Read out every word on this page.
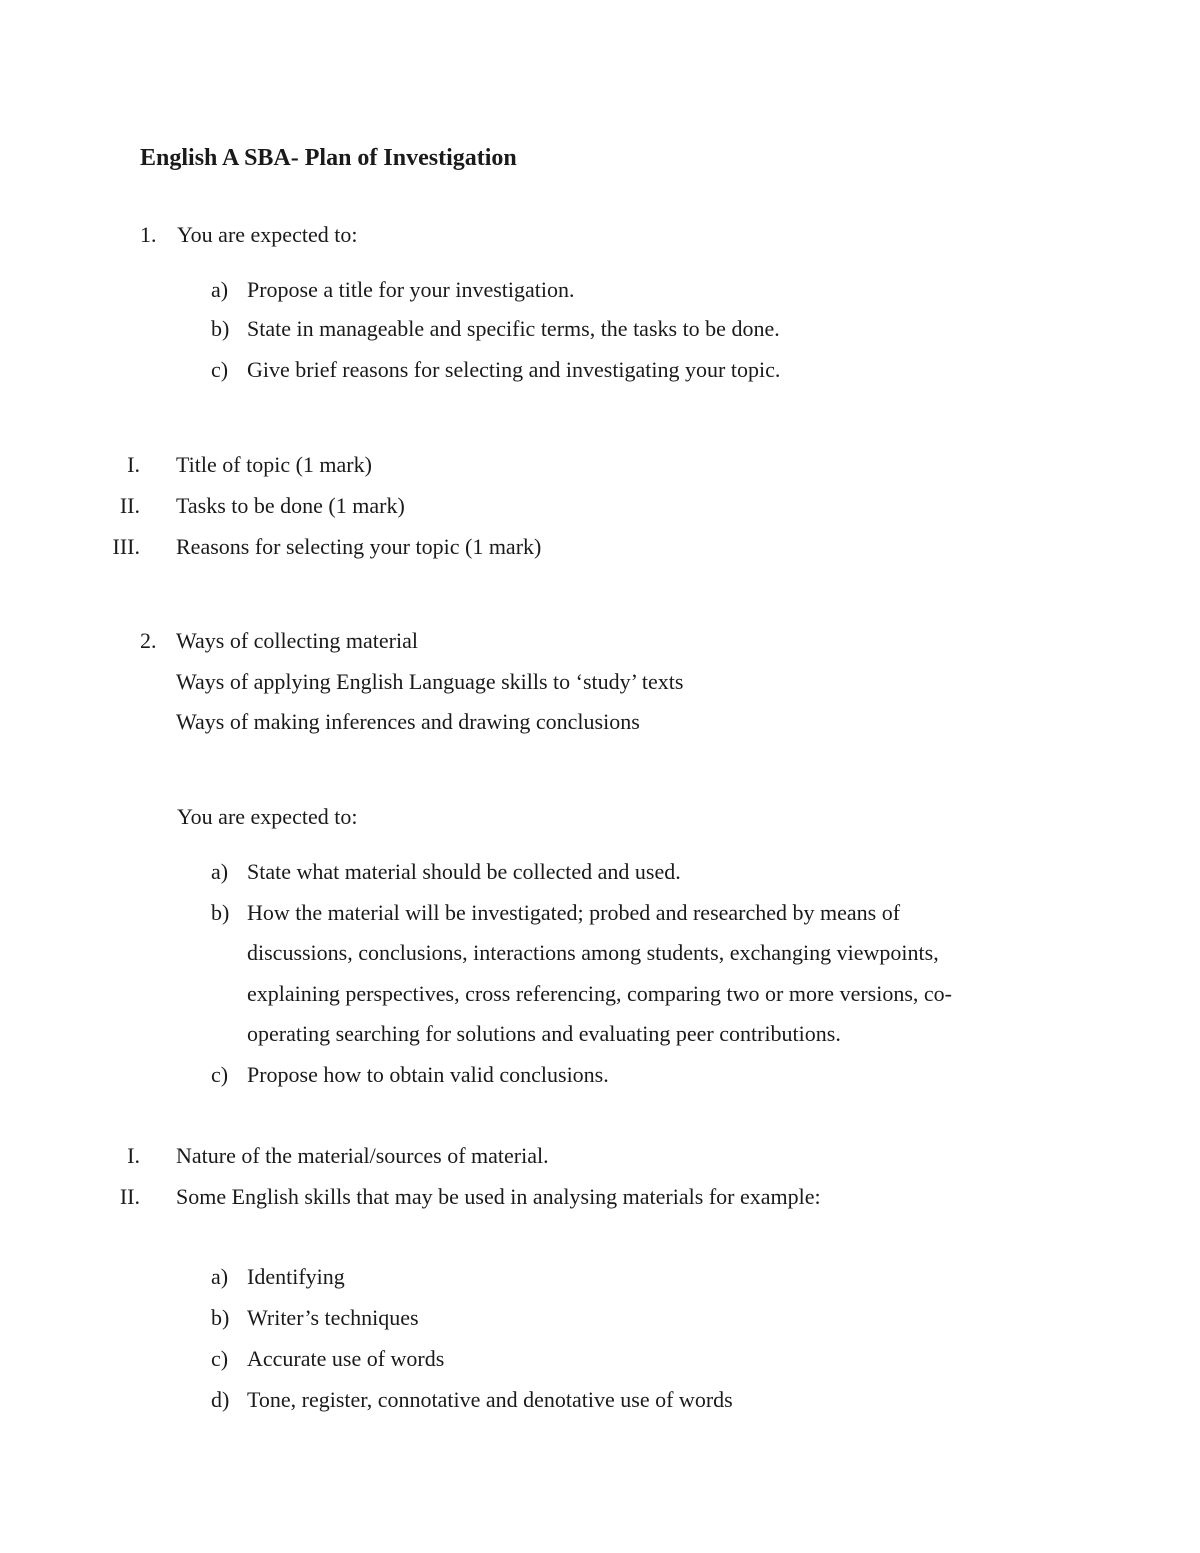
English A SBA- Plan of Investigation
1. You are expected to:
a) Propose a title for your investigation.
b) State in manageable and specific terms, the tasks to be done.
c) Give brief reasons for selecting and investigating your topic.
I. Title of topic (1 mark)
II. Tasks to be done (1 mark)
III. Reasons for selecting your topic (1 mark)
2. Ways of collecting material
Ways of applying English Language skills to ‘study’ texts
Ways of making inferences and drawing conclusions
You are expected to:
a) State what material should be collected and used.
b) How the material will be investigated; probed and researched by means of
discussions, conclusions, interactions among students, exchanging viewpoints,
explaining perspectives, cross referencing, comparing two or more versions, co-
operating searching for solutions and evaluating peer contributions.
c) Propose how to obtain valid conclusions.
I. Nature of the material/sources of material.
II. Some English skills that may be used in analysing materials for example:
a) Identifying
b) Writer’s techniques
c) Accurate use of words
d) Tone, register, connotative and denotative use of words
